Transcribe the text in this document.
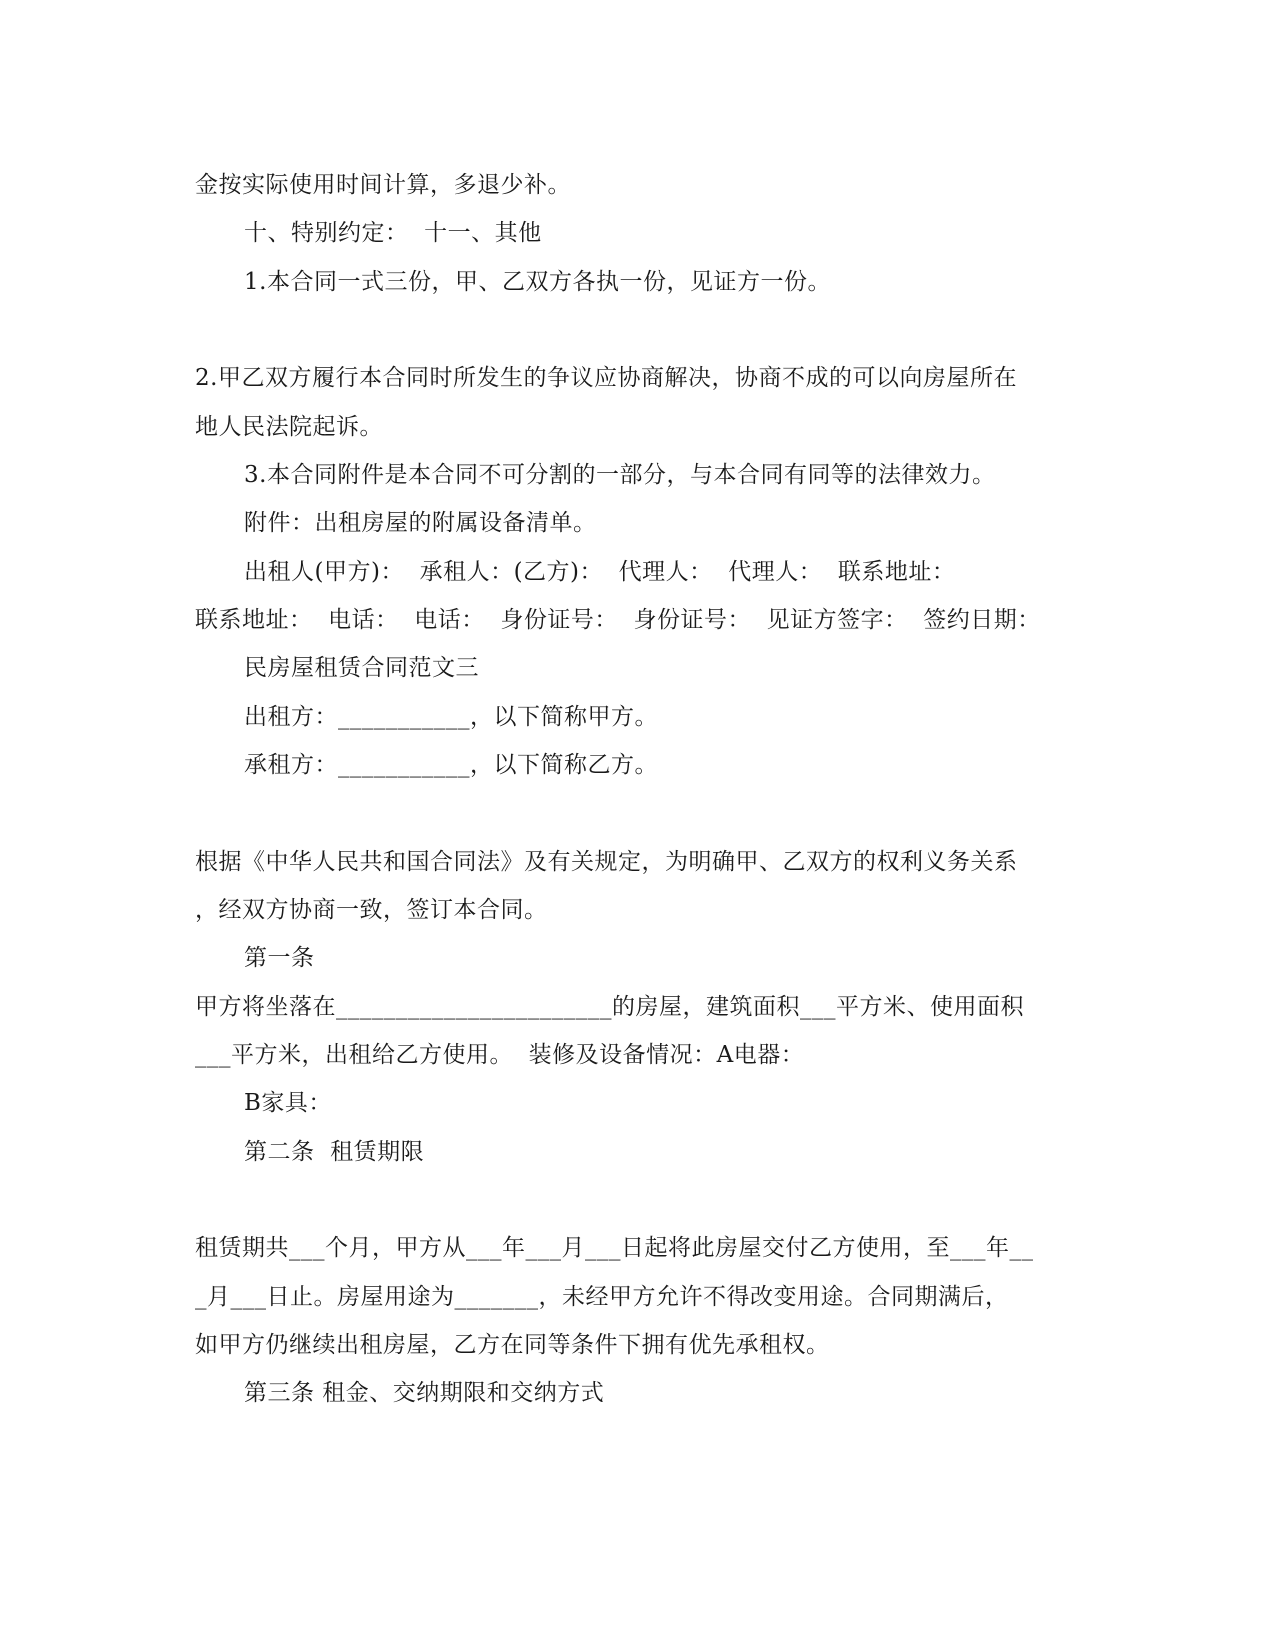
金按实际使用时间计算，多退少补。
十、特别约定：  十一、其他
1.本合同一式三份，甲、乙双方各执一份，见证方一份。
2.甲乙双方履行本合同时所发生的争议应协商解决，协商不成的可以向房屋所在
地人民法院起诉。
3.本合同附件是本合同不可分割的一部分，与本合同有同等的法律效力。
附件：出租房屋的附属设备清单。
出租人(甲方)：  承租人：(乙方)：  代理人：  代理人：  联系地址：
联系地址：  电话：  电话：  身份证号：  身份证号：  见证方签字：  签约日期：
民房屋租赁合同范文三
出租方：___________，以下简称甲方。
承租方：___________，以下简称乙方。
根据《中华人民共和国合同法》及有关规定，为明确甲、乙双方的权利义务关系
，经双方协商一致，签订本合同。
第一条
甲方将坐落在_______________________的房屋，建筑面积___平方米、使用面积
___平方米，出租给乙方使用。  装修及设备情况：A电器：
B家具：
第二条  租赁期限
租赁期共___个月，甲方从___年___月___日起将此房屋交付乙方使用，至___年__
_月___日止。房屋用途为_______，未经甲方允许不得改变用途。合同期满后，
如甲方仍继续出租房屋，乙方在同等条件下拥有优先承租权。
第三条 租金、交纳期限和交纳方式
